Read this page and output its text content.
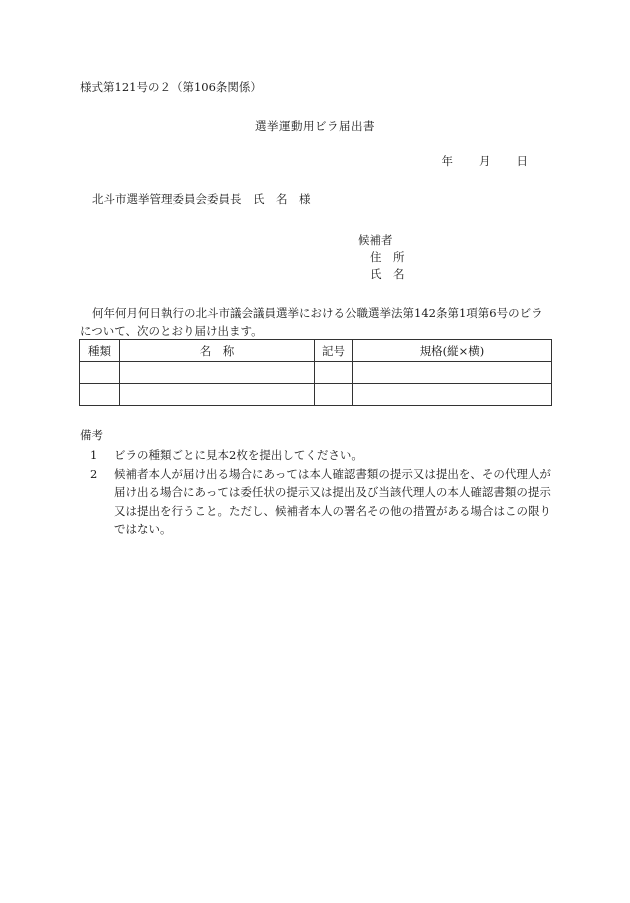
様式第121号の２（第106条関係）
選挙運動用ビラ届出書
年 月 日
北斗市選挙管理委員会委員長　氏　名　様
候補者
住　所
氏　名
何年何月何日執行の北斗市議会議員選挙における公職選挙法第142条第1項第6号のビラについて、次のとおり届け出ます。
種類	名　称	記号	規格(縦×横)

備考
1	ビラの種類ごとに見本2枚を提出してください。
2	候補者本人が届け出る場合にあっては本人確認書類の提示又は提出を、その代理人が届け出る場合にあっては委任状の提示又は提出及び当該代理人の本人確認書類の提示又は提出を行うこと。ただし、候補者本人の署名その他の措置がある場合はこの限りではない。
